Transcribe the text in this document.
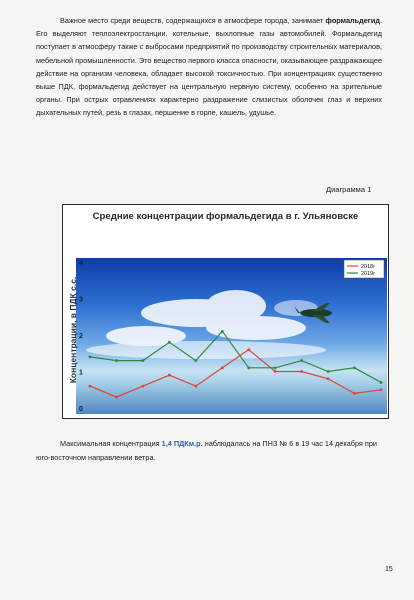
Важное место среди веществ, содержащихся в атмосфере города, занимает формальдегид. Его выделяют теплоэлектростанции, котельные, выхлопные газы автомобилей. Формальдегид поступает в атмосферу также с выбросами предприятий по производству строительных материалов, мебельной промышленности. Это вещество первого класса опасности, оказывающее раздражающее действие на организм человека, обладает высокой токсичностью. При концентрациях существенно выше ПДК, формальдегид действует на центральную нервную систему, особенно на зрительные органы. При острых отравлениях характерно раздражение слизистых оболочек глаз и верхних дыхательных путей, резь в глазах, першение в горле, кашель, удушье.

Диаграмма 1
Средние концентрации формальдегида в г. Ульяновске
0
1
2
3
4
2018г
2019г
Концентрации, в ПДК с.с.

Максимальная концентрация 1,4 ПДКм.р. наблюдалась на ПНЗ № 6 в 19 час 14 декабря при юго-восточном направлении ветра.

15
